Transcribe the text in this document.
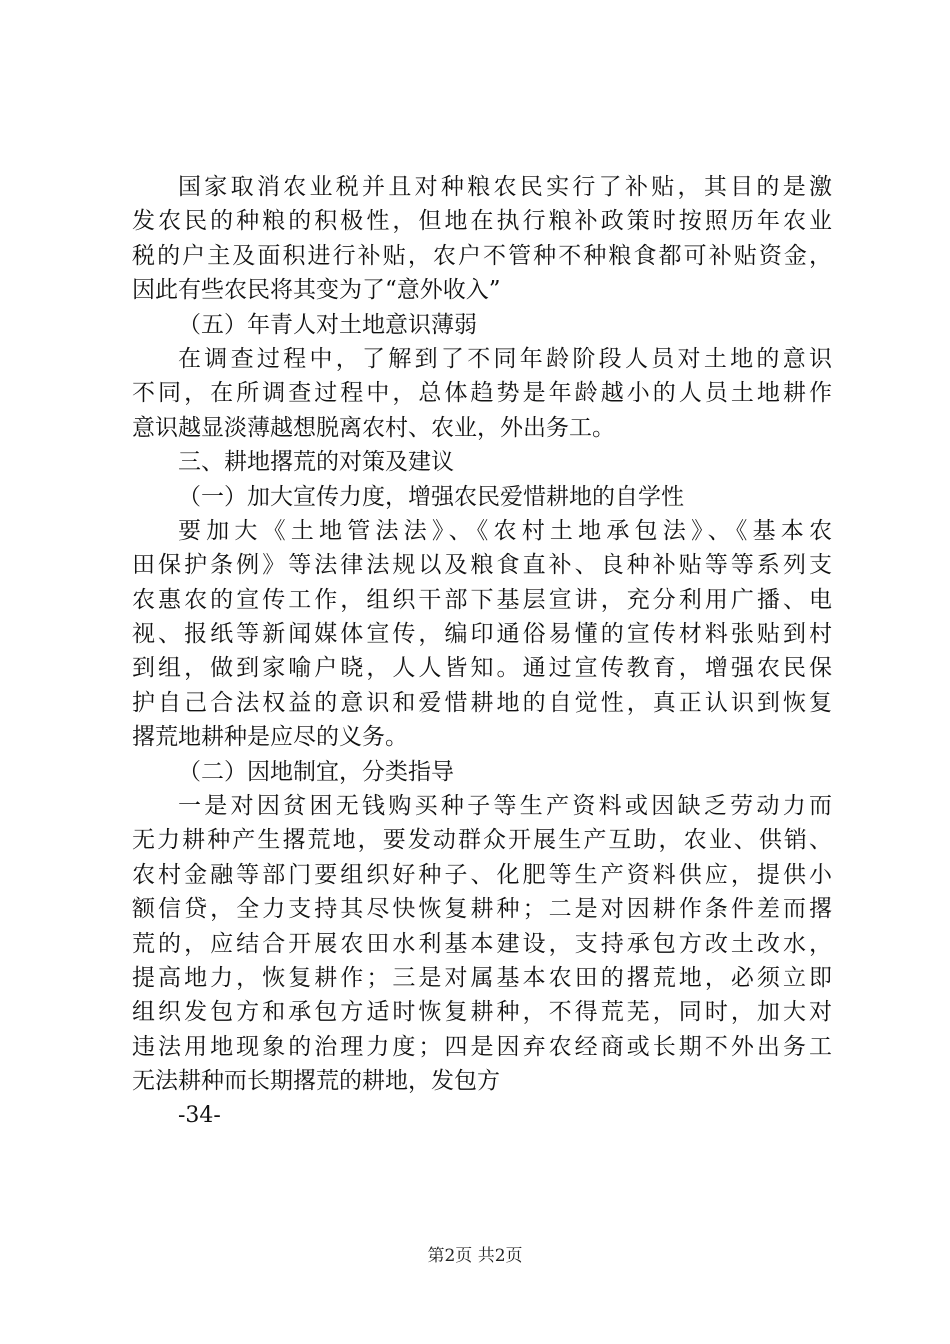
国家取消农业税并且对种粮农民实行了补贴，其目的是激
发农民的种粮的积极性，但地在执行粮补政策时按照历年农业
税的户主及面积进行补贴，农户不管种不种粮食都可补贴资金，
因此有些农民将其变为了“意外收入”
（五）年青人对土地意识薄弱
在调查过程中，了解到了不同年龄阶段人员对土地的意识
不同，在所调查过程中，总体趋势是年龄越小的人员土地耕作
意识越显淡薄越想脱离农村、农业，外出务工。
三、耕地撂荒的对策及建议
（一）加大宣传力度，增强农民爱惜耕地的自学性
要加大《土地管法法》、《农村土地承包法》、《基本农
田保护条例》等法律法规以及粮食直补、良种补贴等等系列支
农惠农的宣传工作，组织干部下基层宣讲，充分利用广播、电
视、报纸等新闻媒体宣传，编印通俗易懂的宣传材料张贴到村
到组，做到家喻户晓，人人皆知。通过宣传教育，增强农民保
护自己合法权益的意识和爱惜耕地的自觉性，真正认识到恢复
撂荒地耕种是应尽的义务。
（二）因地制宜，分类指导
一是对因贫困无钱购买种子等生产资料或因缺乏劳动力而
无力耕种产生撂荒地，要发动群众开展生产互助，农业、供销、
农村金融等部门要组织好种子、化肥等生产资料供应，提供小
额信贷，全力支持其尽快恢复耕种；二是对因耕作条件差而撂
荒的，应结合开展农田水利基本建设，支持承包方改土改水，
提高地力，恢复耕作；三是对属基本农田的撂荒地，必须立即
组织发包方和承包方适时恢复耕种，不得荒芜，同时，加大对
违法用地现象的治理力度；四是因弃农经商或长期不外出务工
无法耕种而长期撂荒的耕地，发包方
-34-
第2页 共2页
